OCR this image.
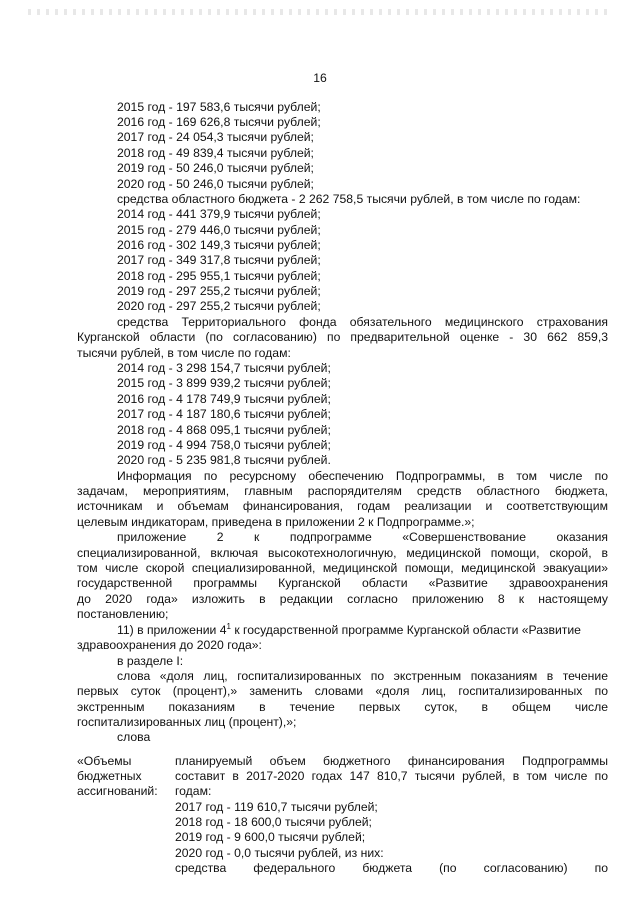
16
2015 год - 197 583,6 тысячи рублей;
2016 год - 169 626,8 тысячи рублей;
2017 год - 24 054,3 тысячи рублей;
2018 год - 49 839,4 тысячи рублей;
2019 год - 50 246,0 тысячи рублей;
2020 год - 50 246,0 тысячи рублей;
средства областного бюджета - 2 262 758,5 тысячи рублей, в том числе по годам:
2014 год - 441 379,9 тысячи рублей;
2015 год - 279 446,0 тысячи рублей;
2016 год - 302 149,3 тысячи рублей;
2017 год - 349 317,8 тысячи рублей;
2018 год - 295 955,1 тысячи рублей;
2019 год - 297 255,2 тысячи рублей;
2020 год - 297 255,2 тысячи рублей;
средства Территориального фонда обязательного медицинского страхования
Курганской области (по согласованию) по предварительной оценке - 30 662 859,3
тысячи рублей, в том числе по годам:
2014 год - 3 298 154,7 тысячи рублей;
2015 год - 3 899 939,2 тысячи рублей;
2016 год - 4 178 749,9 тысячи рублей;
2017 год - 4 187 180,6 тысячи рублей;
2018 год - 4 868 095,1 тысячи рублей;
2019 год - 4 994 758,0 тысячи рублей;
2020 год - 5 235 981,8 тысячи рублей.
Информация по ресурсному обеспечению Подпрограммы, в том числе по
задачам, мероприятиям, главным распорядителям средств областного бюджета,
источникам и объемам финансирования, годам реализации и соответствующим
целевым индикаторам, приведена в приложении 2 к Подпрограмме.»;
приложение 2 к подпрограмме «Совершенствование оказания
специализированной, включая высокотехнологичную, медицинской помощи, скорой, в
том числе скорой специализированной, медицинской помощи, медицинской эвакуации»
государственной программы Курганской области «Развитие здравоохранения
до 2020 года» изложить в редакции согласно приложению 8 к настоящему
постановлению;
11) в приложении $4^1$ к государственной программе Курганской области «Развитие
здравоохранения до 2020 года»:
в разделе I:
слова «доля лиц, госпитализированных по экстренным показаниям в течение
первых суток (процент),» заменить словами «доля лиц, госпитализированных по
экстренным показаниям в течение первых суток, в общем числе
госпитализированных лиц (процент),»;
слова
«Объемы
бюджетных
ассигнований:
планируемый объем бюджетного финансирования Подпрограммы
составит в 2017-2020 годах 147 810,7 тысячи рублей, в том числе по
годам:
2017 год - 119 610,7 тысячи рублей;
2018 год - 18 600,0 тысячи рублей;
2019 год - 9 600,0 тысячи рублей;
2020 год - 0,0 тысячи рублей, из них:
средства федерального бюджета (по согласованию) по
